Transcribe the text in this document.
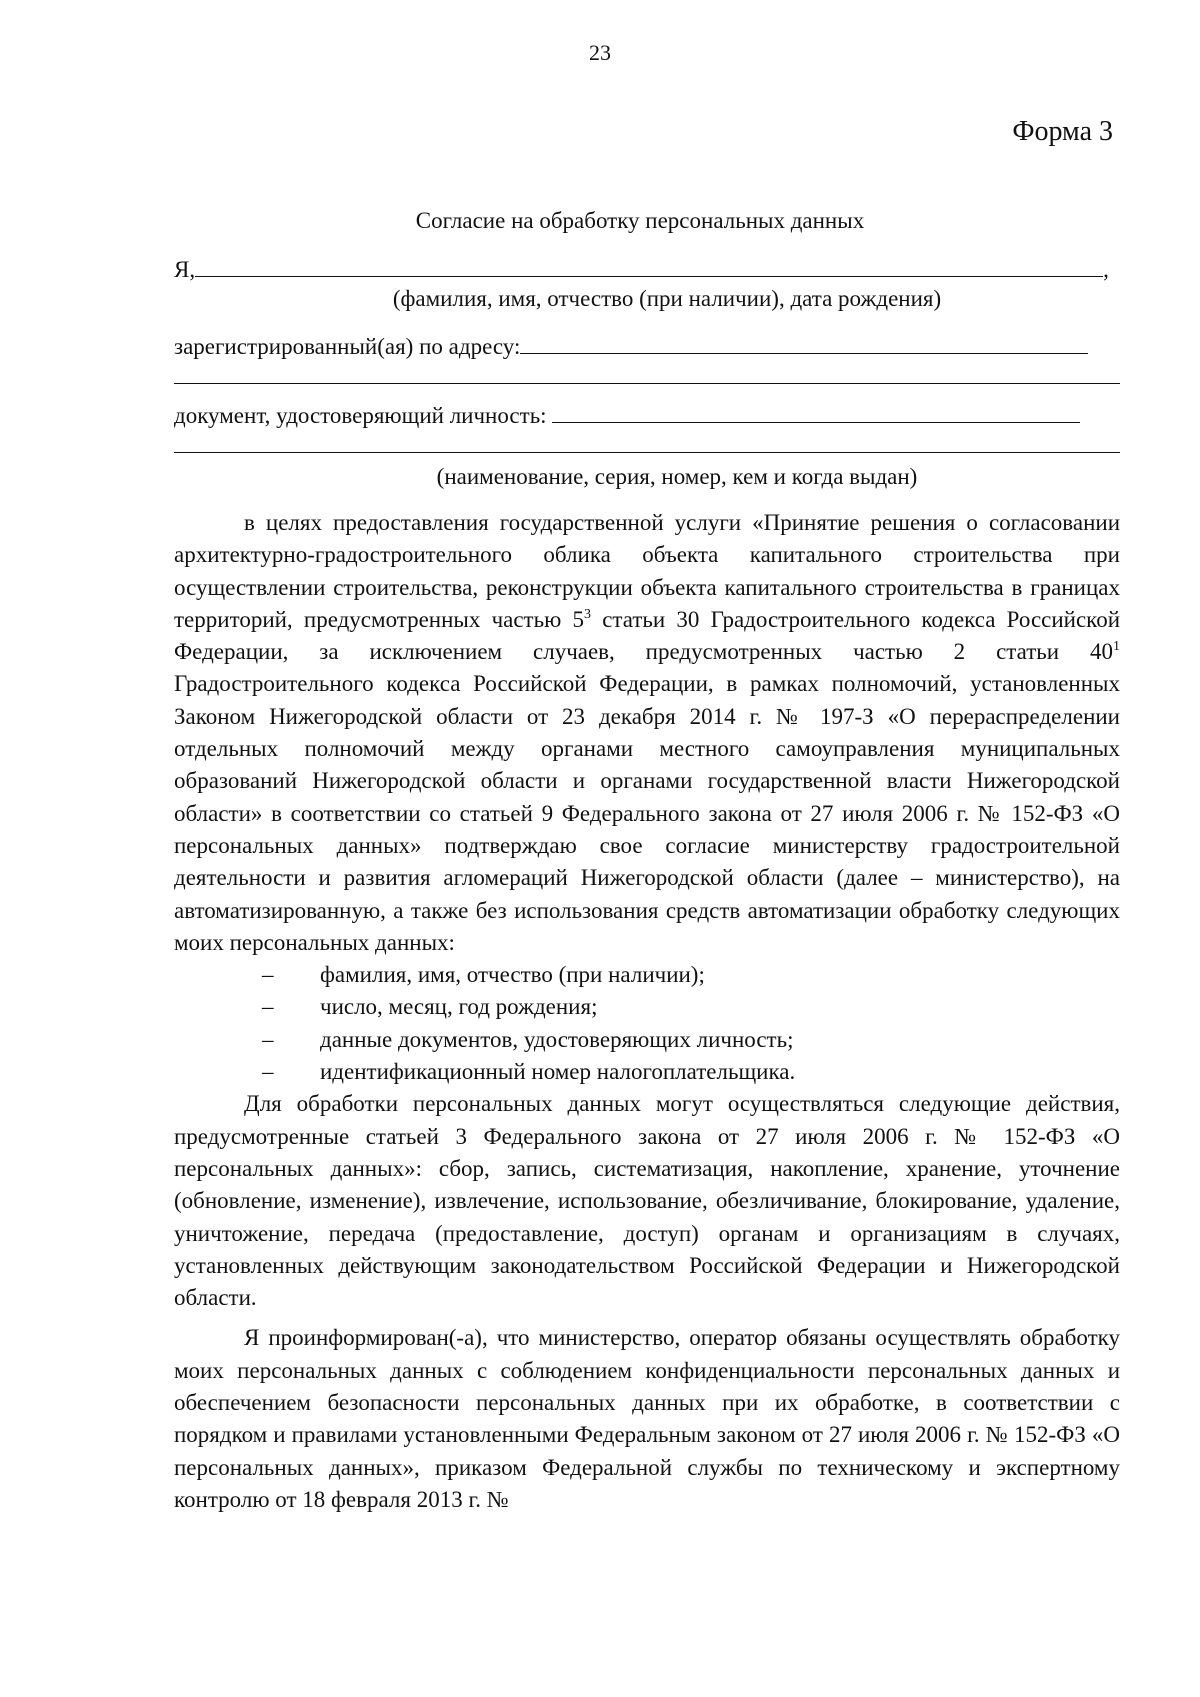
23
Форма 3
Согласие на обработку персональных данных
Я,	,
(фамилия, имя, отчество (при наличии), дата рождения)
зарегистрированный(ая) по адресу:
документ, удостоверяющий личность:
(наименование, серия, номер, кем и когда выдан)

в целях предоставления государственной услуги «Принятие решения о согласовании архитектурно-градостроительного облика объекта капитального строительства при осуществлении строительства, реконструкции объекта капитального строительства в границах территорий, предусмотренных частью $5^3$ статьи 30 Градостроительного кодекса Российской Федерации, за исключением случаев, предусмотренных частью 2 статьи $40^1$ Градостроительного кодекса Российской Федерации, в рамках полномочий, установленных Законом Нижегородской области от 23 декабря 2014 г. № 197-З «О перераспределении отдельных полномочий между органами местного самоуправления муниципальных образований Нижегородской области и органами государственной власти Нижегородской области» в соответствии со статьей 9 Федерального закона от 27 июля 2006 г. № 152-ФЗ «О персональных данных» подтверждаю свое согласие министерству градостроительной деятельности и развития агломераций Нижегородской области (далее – министерство), на автоматизированную, а также без использования средств автоматизации обработку следующих моих персональных данных:

– фамилия, имя, отчество (при наличии);
– число, месяц, год рождения;
– данные документов, удостоверяющих личность;
– идентификационный номер налогоплательщика.

Для обработки персональных данных могут осуществляться следующие действия, предусмотренные статьей 3 Федерального закона от 27 июля 2006 г. № 152-ФЗ «О персональных данных»: сбор, запись, систематизация, накопление, хранение, уточнение (обновление, изменение), извлечение, использование, обезличивание, блокирование, удаление, уничтожение, передача (предоставление, доступ) органам и организациям в случаях, установленных действующим законодательством Российской Федерации и Нижегородской области.

Я проинформирован(-а), что министерство, оператор обязаны осуществлять обработку моих персональных данных с соблюдением конфиденциальности персональных данных и обеспечением безопасности персональных данных при их обработке, в соответствии с порядком и правилами установленными Федеральным законом от 27 июля 2006 г. № 152-ФЗ «О персональных данных», приказом Федеральной службы по техническому и экспертному контролю от 18 февраля 2013 г. №
